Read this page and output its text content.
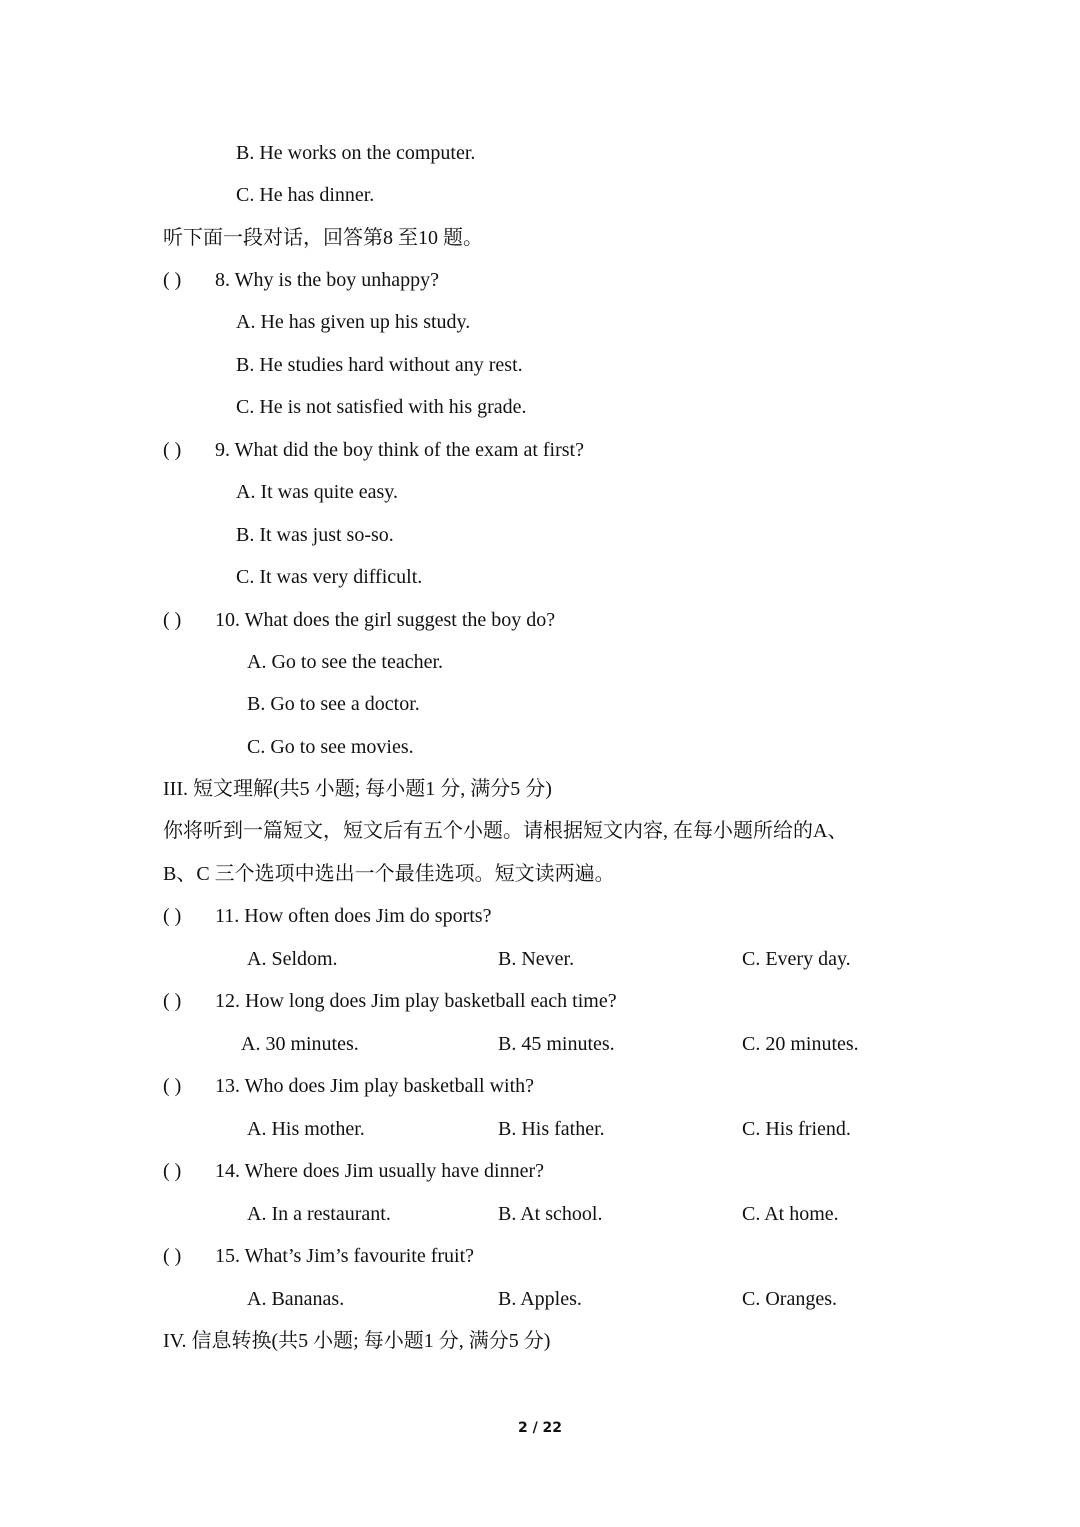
B. He works on the computer.
C. He has dinner.
听下面一段对话，回答第8 至10 题。
( ) 8. Why is the boy unhappy?
A. He has given up his study.
B. He studies hard without any rest.
C. He is not satisfied with his grade.
( ) 9. What did the boy think of the exam at first?
A. It was quite easy.
B. It was just so-so.
C. It was very difficult.
( ) 10. What does the girl suggest the boy do?
A. Go to see the teacher.
B. Go to see a doctor.
C. Go to see movies.
III. 短文理解(共5 小题; 每小题1 分, 满分5 分)
你将听到一篇短文，短文后有五个小题。请根据短文内容, 在每小题所给的A、
B、C 三个选项中选出一个最佳选项。短文读两遍。
( ) 11. How often does Jim do sports?
A. Seldom.	B. Never.	C. Every day.
( ) 12. How long does Jim play basketball each time?
A. 30 minutes.	B. 45 minutes.	C. 20 minutes.
( ) 13. Who does Jim play basketball with?
A. His mother.	B. His father.	C. His friend.
( ) 14. Where does Jim usually have dinner?
A. In a restaurant.	B. At school.	C. At home.
( ) 15. What’s Jim’s favourite fruit?
A. Bananas.	B. Apples.	C. Oranges.
IV. 信息转换(共5 小题; 每小题1 分, 满分5 分)
2 / 22
